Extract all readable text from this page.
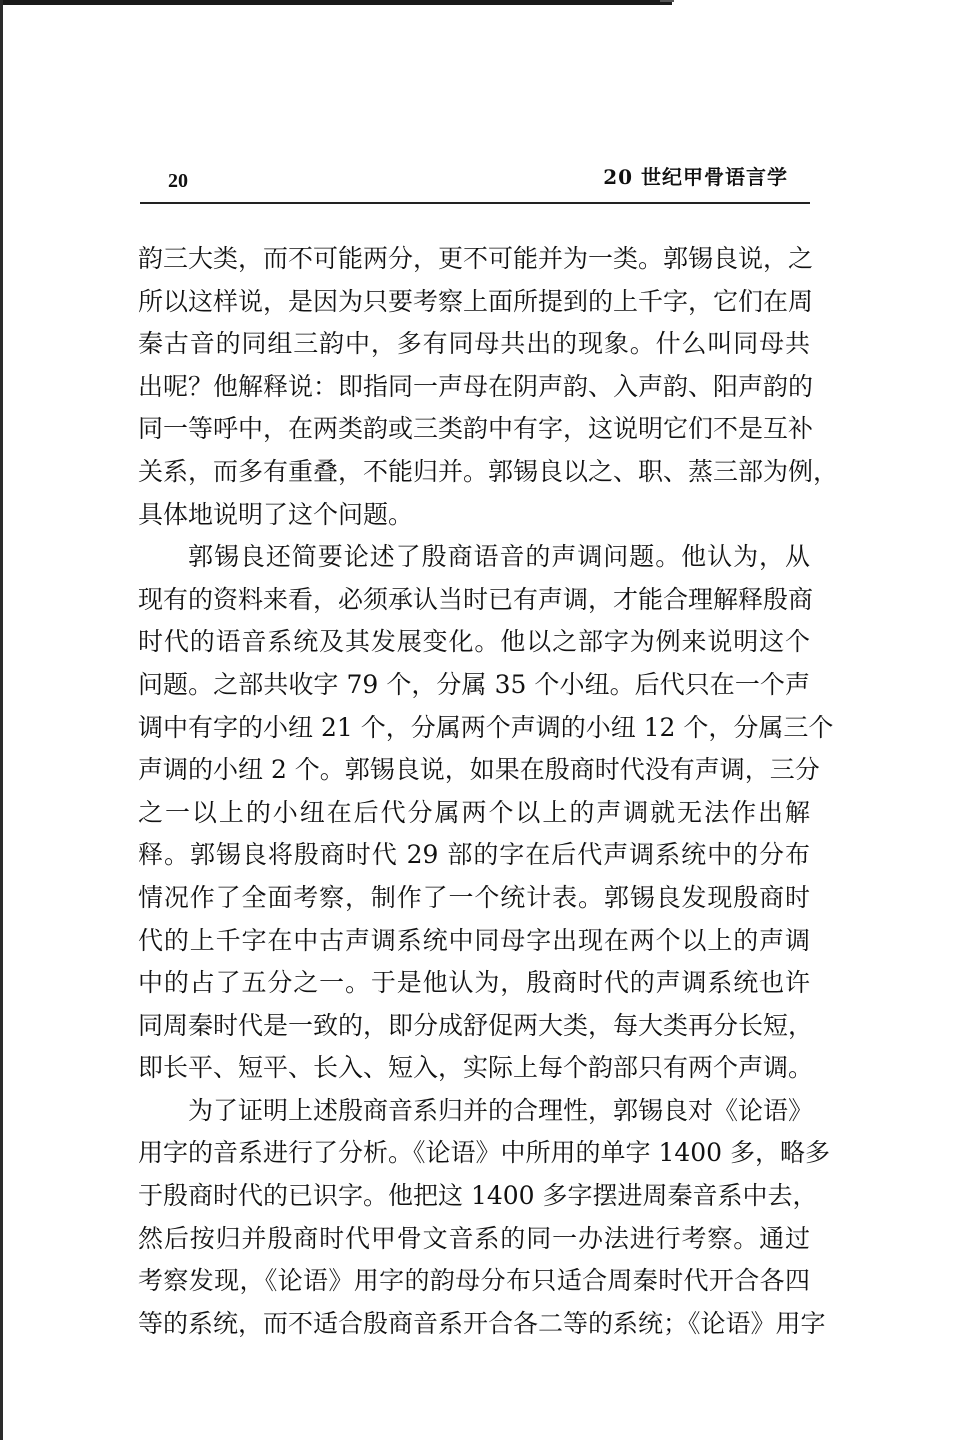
20	20 世纪甲骨语言学
韵三大类，而不可能两分，更不可能并为一类。郭锡良说，之
所以这样说，是因为只要考察上面所提到的上千字，它们在周
秦古音的同组三韵中，多有同母共出的现象。什么叫同母共
出呢？他解释说：即指同一声母在阴声韵、入声韵、阳声韵的
同一等呼中，在两类韵或三类韵中有字，这说明它们不是互补
关系，而多有重叠，不能归并。郭锡良以之、职、蒸三部为例，
具体地说明了这个问题。
郭锡良还简要论述了殷商语音的声调问题。他认为，从
现有的资料来看，必须承认当时已有声调，才能合理解释殷商
时代的语音系统及其发展变化。他以之部字为例来说明这个
问题。之部共收字 79 个，分属 35 个小纽。后代只在一个声
调中有字的小纽 21 个，分属两个声调的小纽 12 个，分属三个
声调的小纽 2 个。郭锡良说，如果在殷商时代没有声调，三分
之一以上的小纽在后代分属两个以上的声调就无法作出解
释。郭锡良将殷商时代 29 部的字在后代声调系统中的分布
情况作了全面考察，制作了一个统计表。郭锡良发现殷商时
代的上千字在中古声调系统中同母字出现在两个以上的声调
中的占了五分之一。于是他认为，殷商时代的声调系统也许
同周秦时代是一致的，即分成舒促两大类，每大类再分长短，
即长平、短平、长入、短入，实际上每个韵部只有两个声调。
为了证明上述殷商音系归并的合理性，郭锡良对《论语》
用字的音系进行了分析。《论语》中所用的单字 1400 多，略多
于殷商时代的已识字。他把这 1400 多字摆进周秦音系中去，
然后按归并殷商时代甲骨文音系的同一办法进行考察。通过
考察发现，《论语》用字的韵母分布只适合周秦时代开合各四
等的系统，而不适合殷商音系开合各二等的系统；《论语》用字
